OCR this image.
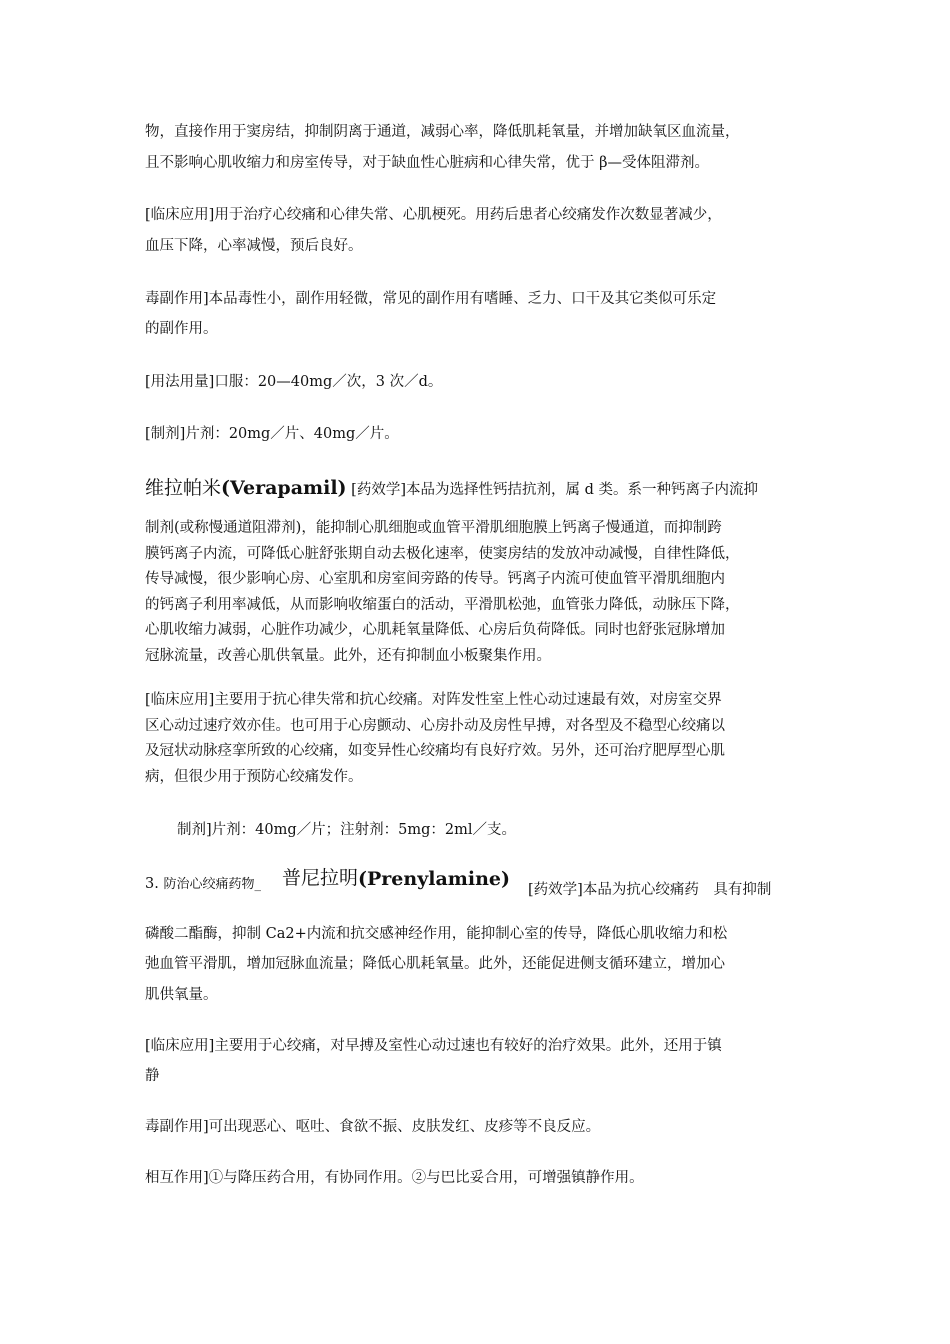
物，直接作用于窦房结，抑制阴离于通道，减弱心率，降低肌耗氧量，并增加缺氧区血流量，
且不影响心肌收缩力和房室传导，对于缺血性心脏病和心律失常，优于 β—受体阻滞剂。
[临床应用]用于治疗心绞痛和心律失常、心肌梗死。用药后患者心绞痛发作次数显著减少，
血压下降，心率减慢，预后良好。
毒副作用]本品毒性小，副作用轻微，常见的副作用有嗜睡、乏力、口干及其它类似可乐定
的副作用。
[用法用量]口服：20—40mg／次，3 次／d。
[制剂]片剂：20mg／片、40mg／片。
维拉帕米(Verapamil) [药效学]本品为选择性钙拮抗剂，属 d 类。系一种钙离子内流抑
制剂(或称慢通道阻滞剂)，能抑制心肌细胞或血管平滑肌细胞膜上钙离子慢通道，而抑制跨
膜钙离子内流，可降低心脏舒张期自动去极化速率，使窦房结的发放冲动减慢，自律性降低，
传导减慢，很少影响心房、心室肌和房室间旁路的传导。钙离子内流可使血管平滑肌细胞内
的钙离子利用率减低，从而影响收缩蛋白的活动，平滑肌松弛，血管张力降低，动脉压下降，
心肌收缩力减弱，心脏作功减少，心肌耗氧量降低、心房后负荷降低。同时也舒张冠脉增加
冠脉流量，改善心肌供氧量。此外，还有抑制血小板聚集作用。
[临床应用]主要用于抗心律失常和抗心绞痛。对阵发性室上性心动过速最有效，对房室交界
区心动过速疗效亦佳。也可用于心房颤动、心房扑动及房性早搏，对各型及不稳型心绞痛以
及冠状动脉痉挛所致的心绞痛，如变异性心绞痛均有良好疗效。另外，还可治疗肥厚型心肌
病，但很少用于预防心绞痛发作。
制剂]片剂：40mg／片；注射剂：5mg：2ml／支。
3. 防治心绞痛药物_ 普尼拉明 (Prenylamine) [药效学]本品为抗心绞痛药　具有抑制
磷酸二酯酶，抑制 Ca2+内流和抗交感神经作用，能抑制心室的传导，降低心肌收缩力和松
弛血管平滑肌，增加冠脉血流量；降低心肌耗氧量。此外，还能促进侧支循环建立，增加心
肌供氧量。
[临床应用]主要用于心绞痛，对早搏及室性心动过速也有较好的治疗效果。此外，还用于镇
静
毒副作用]可出现恶心、呕吐、食欲不振、皮肤发红、皮疹等不良反应。
相互作用]①与降压药合用，有协同作用。②与巴比妥合用，可增强镇静作用。
